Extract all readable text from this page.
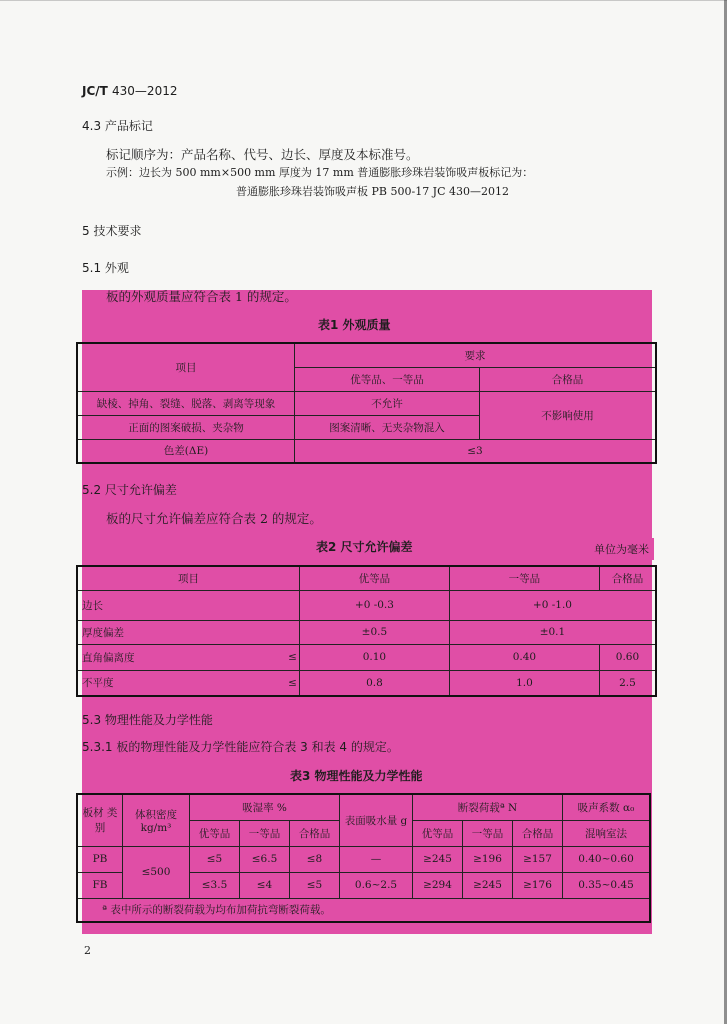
JC/T 430—2012
4.3 产品标记
标记顺序为：产品名称、代号、边长、厚度及本标准号。
示例：边长为 500 mm×500 mm 厚度为 17 mm 普通膨胀珍珠岩装饰吸声板标记为：
普通膨胀珍珠岩装饰吸声板 PB 500-17 JC 430—2012
5 技术要求
5.1 外观
板的外观质量应符合表 1 的规定。
表1 外观质量
项目	要求	
	优等品、一等品	合格品
缺棱、掉角、裂缝、脱落、剥离等现象	不允许	不影响使用
正面的图案破损、夹杂物	图案清晰、无夹杂物混入	
色差(ΔE)	≤3	
5.2 尺寸允许偏差
板的尺寸允许偏差应符合表 2 的规定。
表2 尺寸允许偏差	单位为毫米
项目		优等品	一等品	合格品
边长		+0 -0.3	+0 -1.0	
厚度偏差		±0.5	±0.1	
直角偏离度	≤	0.10	0.40	0.60
不平度	≤	0.8	1.0	2.5
5.3 物理性能及力学性能
5.3.1 板的物理性能及力学性能应符合表 3 和表 4 的规定。
表3 物理性能及力学性能
板材 类别	体积密度 kg/m³	吸湿率 %			表面吸水量 g	断裂荷载ª N			吸声系数 α₀
		优等品	一等品	合格品		优等品	一等品	合格品	混响室法
PB	≤500	≤5	≤6.5	≤8	—	≥245	≥196	≥157	0.40~0.60
FB		≤3.5	≤4	≤5	0.6~2.5	≥294	≥245	≥176	0.35~0.45
ª 表中所示的断裂荷载为均布加荷抗弯断裂荷载。									
2
